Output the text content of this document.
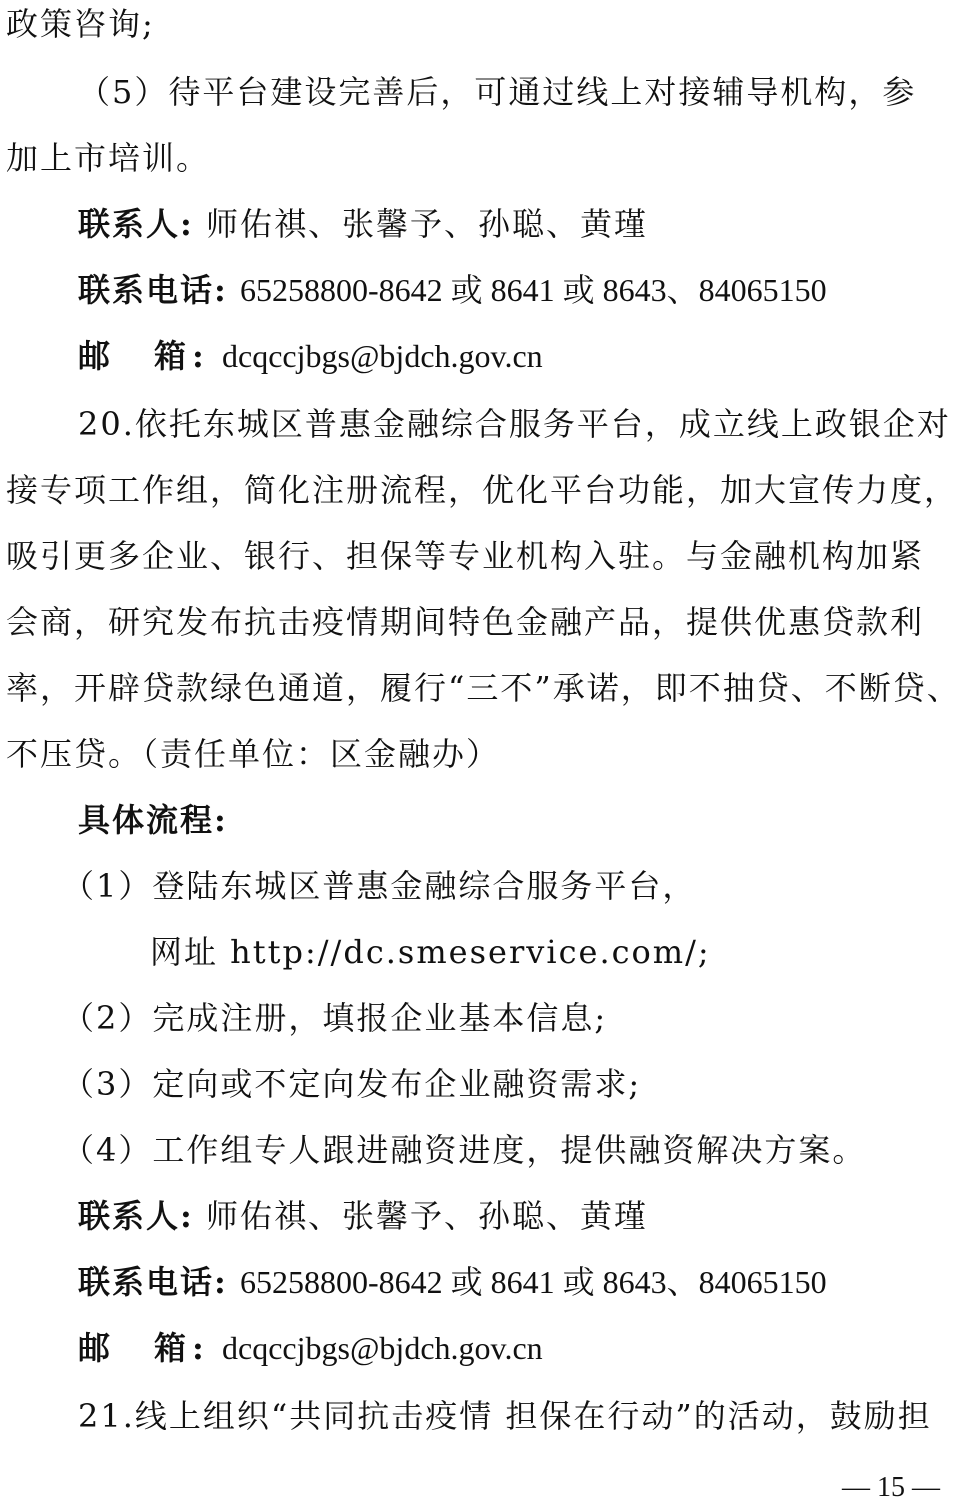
政策咨询;
（5）待平台建设完善后，可通过线上对接辅导机构，参
加上市培训。
联系人: 师佑祺、张馨予、孙聪、黄瑾
联系电话: 65258800-8642 或 8641 或 8643、84065150
邮　箱: dcqccjbgs@bjdch.gov.cn
20.依托东城区普惠金融综合服务平台，成立线上政银企对
接专项工作组，简化注册流程，优化平台功能，加大宣传力度，
吸引更多企业、银行、担保等专业机构入驻。与金融机构加紧
会商，研究发布抗击疫情期间特色金融产品，提供优惠贷款利
率，开辟贷款绿色通道，履行“三不”承诺，即不抽贷、不断贷、
不压贷。（责任单位：区金融办）
具体流程:
（1）登陆东城区普惠金融综合服务平台，
网址 http://dc.smeservice.com/;
（2）完成注册，填报企业基本信息;
（3）定向或不定向发布企业融资需求;
（4）工作组专人跟进融资进度，提供融资解决方案。
联系人: 师佑祺、张馨予、孙聪、黄瑾
联系电话: 65258800-8642 或 8641 或 8643、84065150
邮　箱: dcqccjbgs@bjdch.gov.cn
21.线上组织“共同抗击疫情 担保在行动”的活动，鼓励担
— 15 —
